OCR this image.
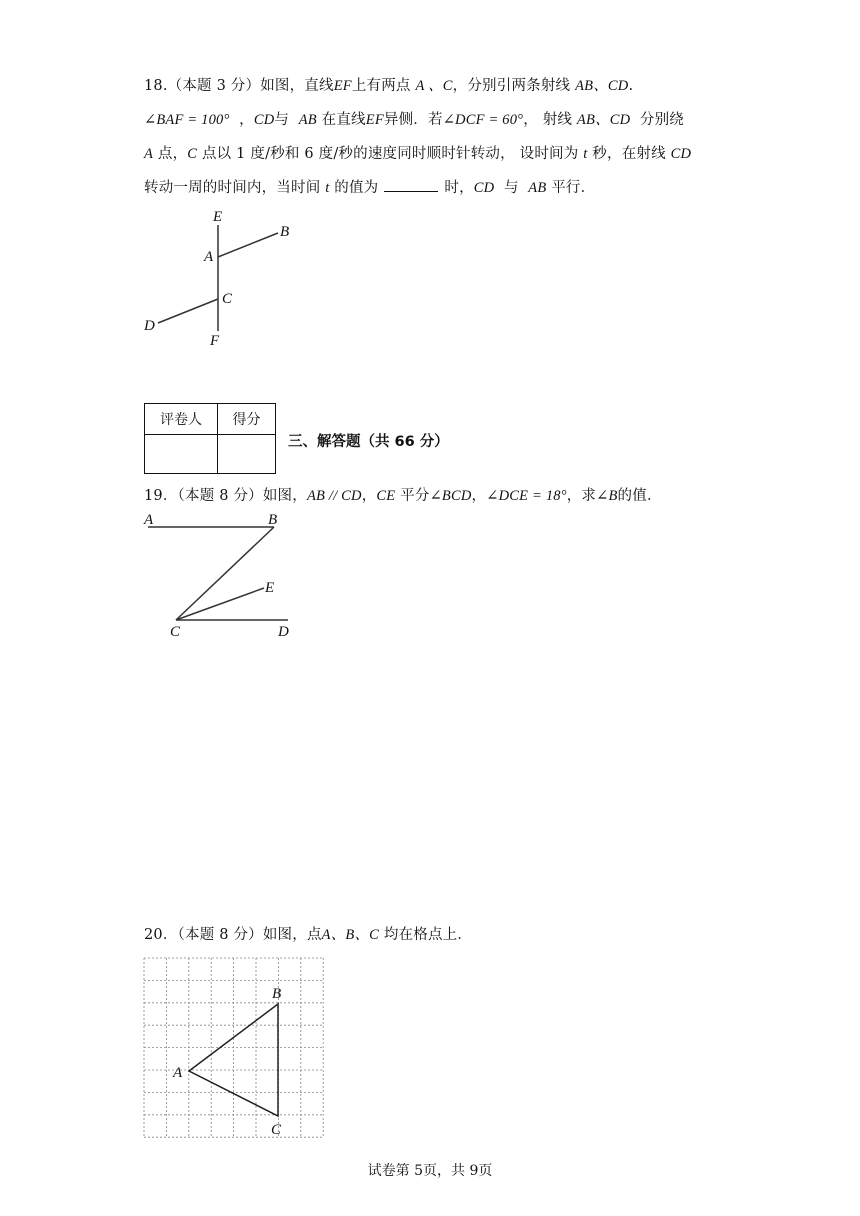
18.（本题 3 分）如图，直线EF上有两点 A 、C，分别引两条射线 AB、CD.
∠BAF = 100° ，CD与 AB 在直线EF异侧．若∠DCF = 60°， 射线 AB、CD 分别绕
A 点，C 点以 1 度/秒和 6 度/秒的速度同时顺时针转动， 设时间为 t 秒，在射线 CD
转动一周的时间内，当时间 t 的值为	时，CD 与 AB 平行．
E
B
A
C
D
F
评卷人	得分

三、解答题（共 66 分）
19．（本题 8 分）如图，AB // CD，CE 平分∠BCD，∠DCE = 18°，求∠B的值．
A	B
E
C	D
20．（本题 8 分）如图，点A、B、C 均在格点上．
B
A
C
试卷第 5页，共 9页
